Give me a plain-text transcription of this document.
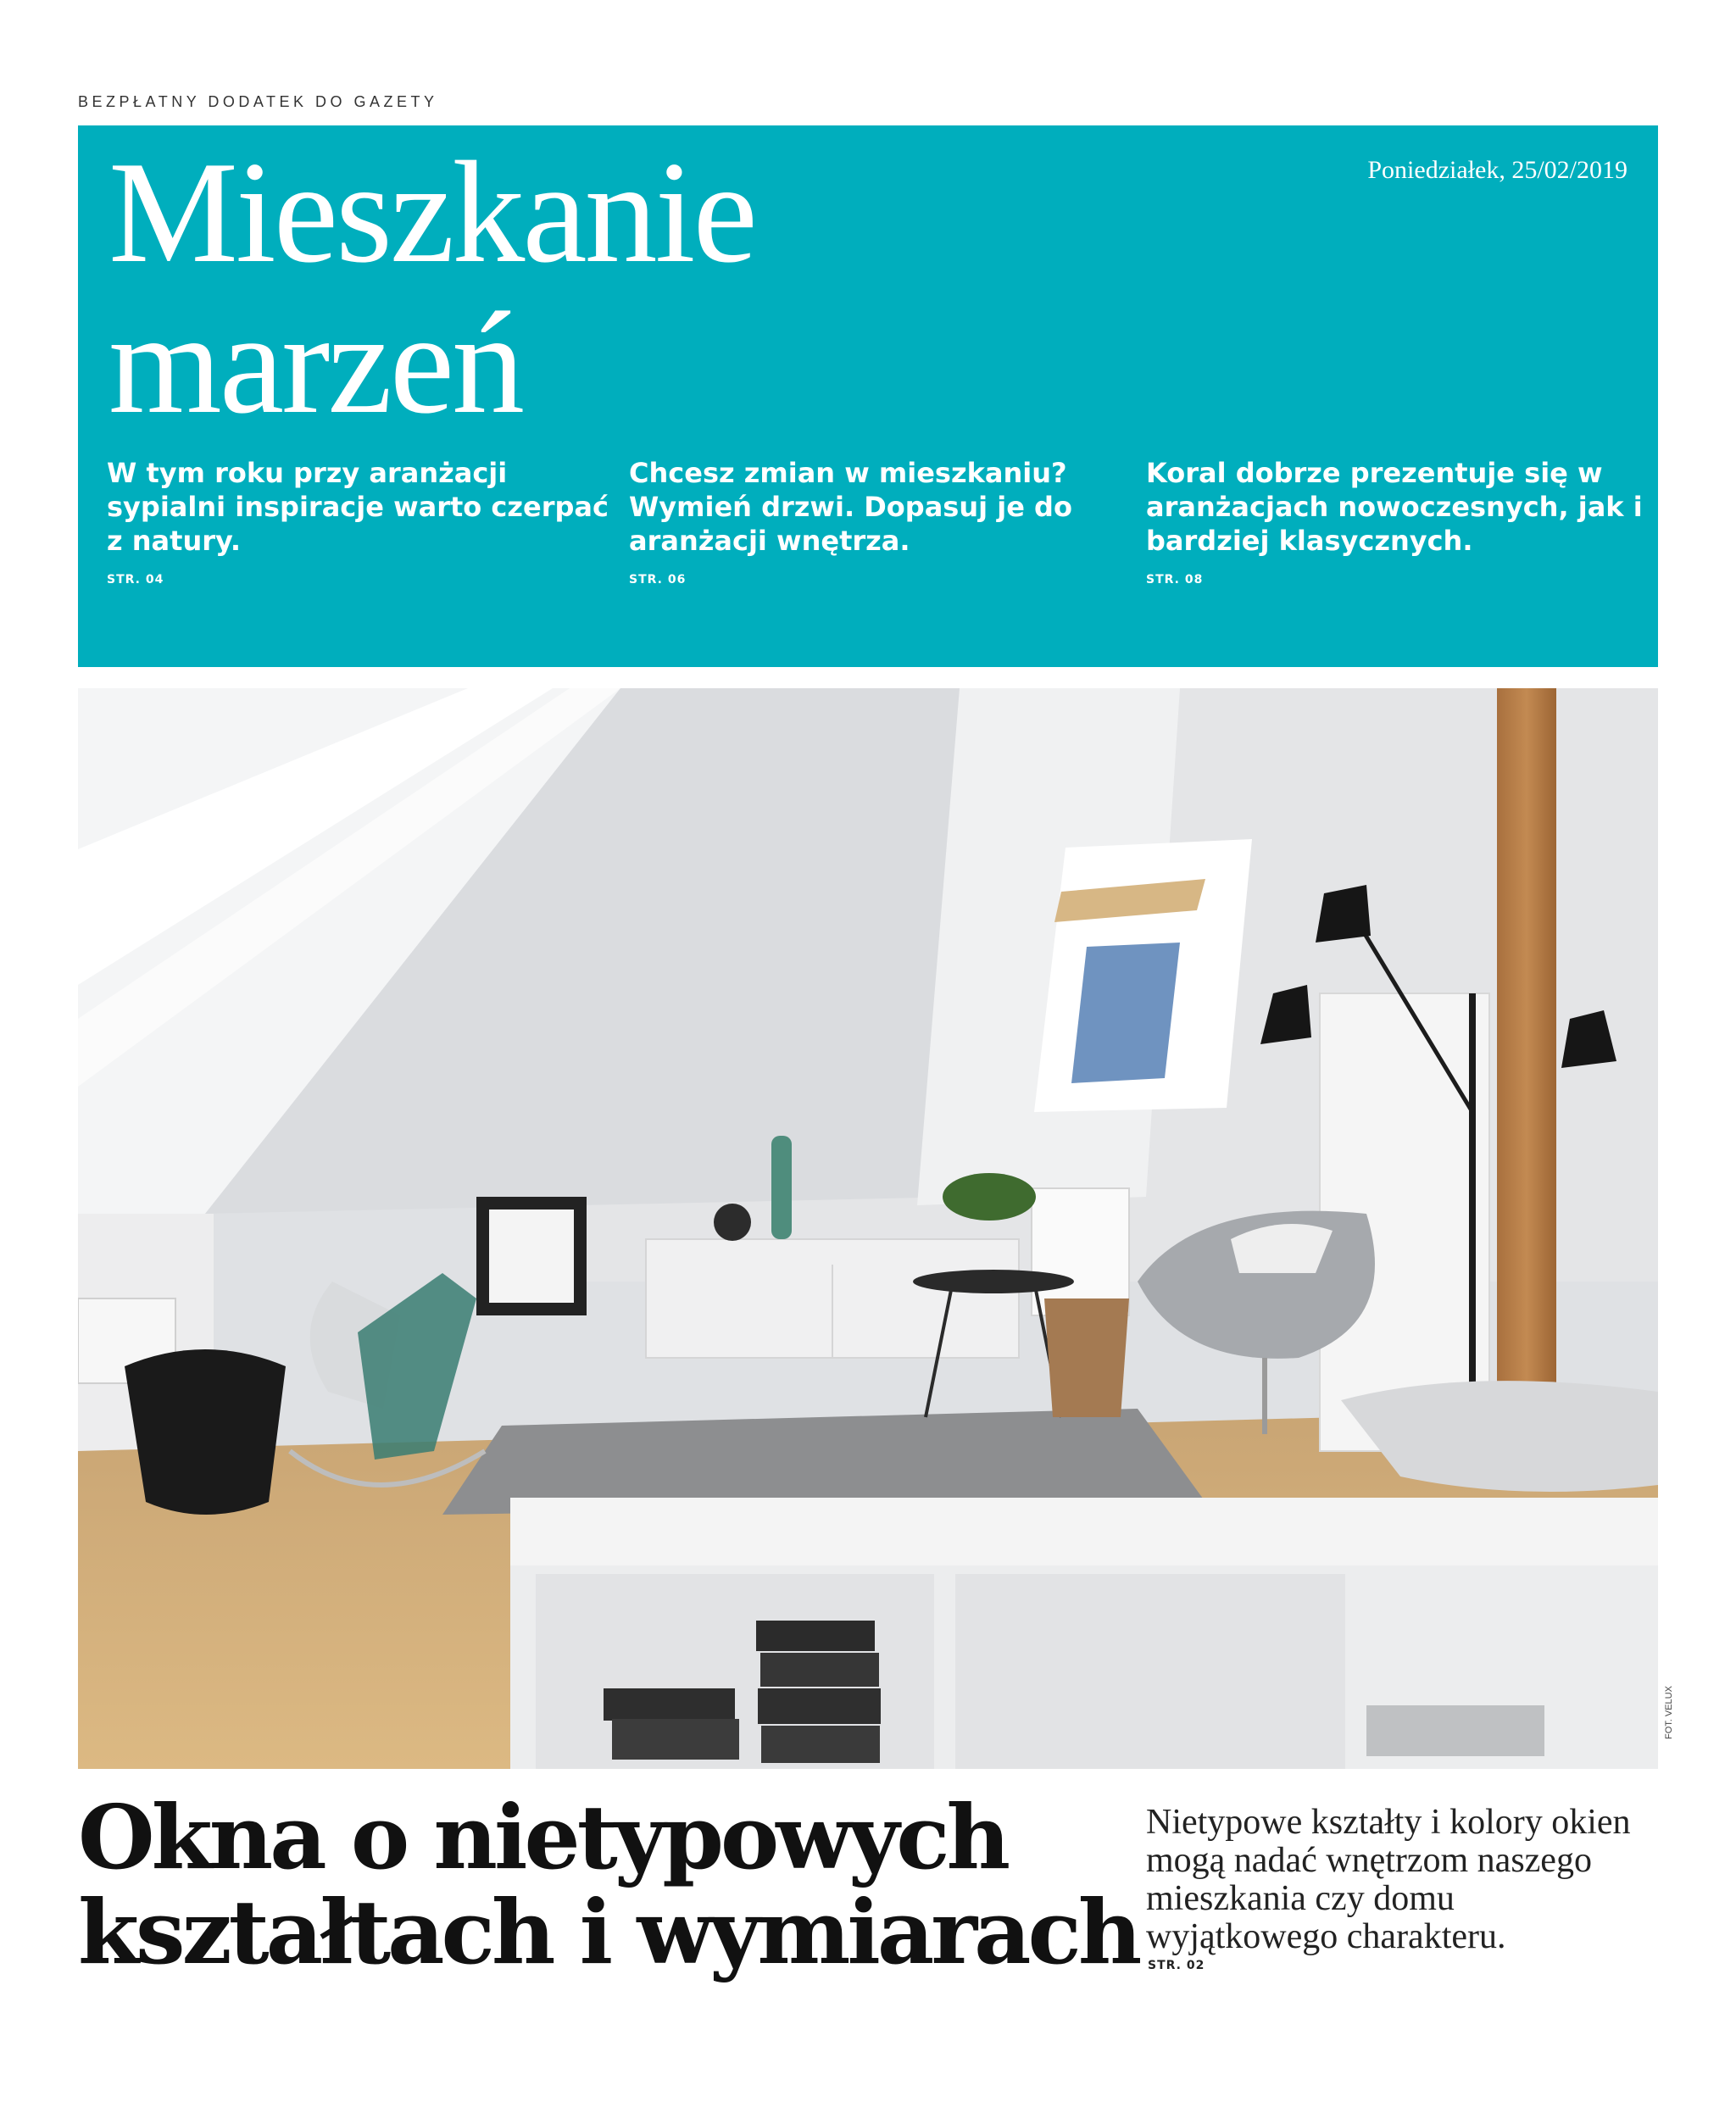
BEZPŁATNY DODATEK DO GAZETY
Mieszkanie
marzeń
Poniedziałek, 25/02/2019
W tym roku przy aranżacji sypialni inspiracje warto czerpać z natury.
STR. 04
Chcesz zmian w mieszkaniu? Wymień drzwi. Dopasuj je do aranżacji wnętrza.
STR. 06
Koral dobrze prezentuje się w aranżacjach nowoczesnych, jak i bardziej klasycznych.
STR. 08
FOT. VELUX
Okna o nietypowych
kształtach i wymiarach
Nietypowe kształty i kolory okien mogą nadać wnętrzom naszego mieszkania czy domu wyjątkowego charakteru.
STR. 02
